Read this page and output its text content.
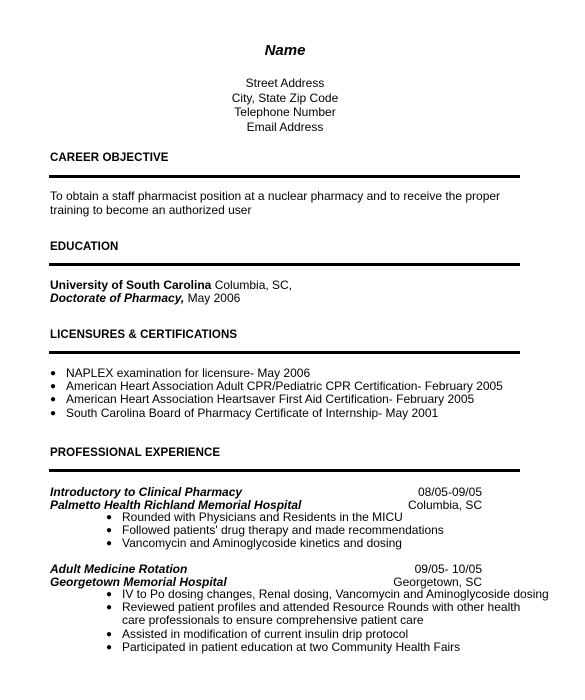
Name
Street Address
City, State Zip Code
Telephone Number
Email Address
CAREER OBJECTIVE
To obtain a staff pharmacist position at a nuclear pharmacy and to receive the proper training to become an authorized user
EDUCATION
University of South Carolina Columbia, SC,
Doctorate of Pharmacy, May 2006
LICENSURES & CERTIFICATIONS
● NAPLEX examination for licensure- May 2006
● American Heart Association Adult CPR/Pediatric CPR Certification- February 2005
● American Heart Association Heartsaver First Aid Certification- February 2005
● South Carolina Board of Pharmacy Certificate of Internship- May 2001
PROFESSIONAL EXPERIENCE
Introductory to Clinical Pharmacy	08/05-09/05
Palmetto Health Richland Memorial Hospital	Columbia, SC
● Rounded with Physicians and Residents in the MICU
● Followed patients' drug therapy and made recommendations
● Vancomycin and Aminoglycoside kinetics and dosing
Adult Medicine Rotation	09/05- 10/05
Georgetown Memorial Hospital	Georgetown, SC
● IV to Po dosing changes, Renal dosing, Vancomycin and Aminoglycoside dosing
● Reviewed patient profiles and attended Resource Rounds with other health care professionals to ensure comprehensive patient care
● Assisted in modification of current insulin drip protocol
● Participated in patient education at two Community Health Fairs
